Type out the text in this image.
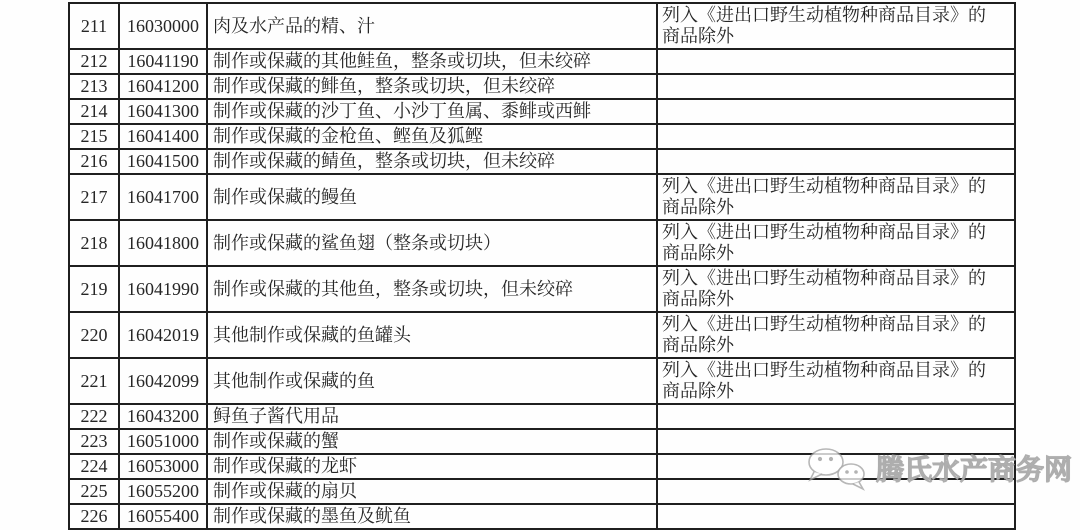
211	16030000	肉及水产品的精、汁	列入《进出口野生动植物种商品目录》的商品除外

212	16041190	制作或保藏的其他鲑鱼，整条或切块，但未绞碎	

213	16041200	制作或保藏的鲱鱼，整条或切块，但未绞碎	

214	16041300	制作或保藏的沙丁鱼、小沙丁鱼属、黍鲱或西鲱	

215	16041400	制作或保藏的金枪鱼、鲣鱼及狐鲣	

216	16041500	制作或保藏的鲭鱼，整条或切块，但未绞碎	

217	16041700	制作或保藏的鳗鱼	列入《进出口野生动植物种商品目录》的商品除外

218	16041800	制作或保藏的鲨鱼翅（整条或切块）	列入《进出口野生动植物种商品目录》的商品除外

219	16041990	制作或保藏的其他鱼，整条或切块，但未绞碎	列入《进出口野生动植物种商品目录》的商品除外

220	16042019	其他制作或保藏的鱼罐头	列入《进出口野生动植物种商品目录》的商品除外

221	16042099	其他制作或保藏的鱼	列入《进出口野生动植物种商品目录》的商品除外

222	16043200	鲟鱼子酱代用品	

223	16051000	制作或保藏的蟹	

224	16053000	制作或保藏的龙虾	

225	16055200	制作或保藏的扇贝	

226	16055400	制作或保藏的墨鱼及鱿鱼	
腾氏水产商务网
